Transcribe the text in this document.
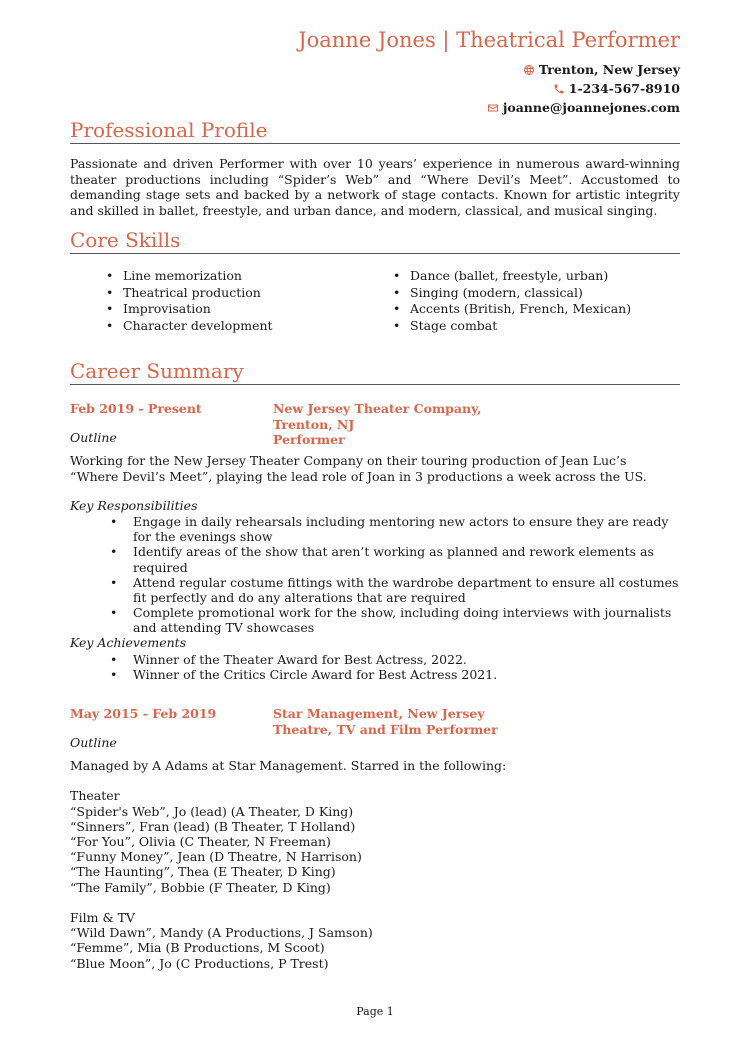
Joanne Jones | Theatrical Performer
Trenton, New Jersey
1-234-567-8910
joanne@joannejones.com
Professional Profile

Passionate and driven Performer with over 10 years’ experience in numerous award-winning theater productions including “Spider’s Web” and “Where Devil’s Meet”. Accustomed to demanding stage sets and backed by a network of stage contacts. Known for artistic integrity and skilled in ballet, freestyle, and urban dance, and modern, classical, and musical singing.

Core Skills
• Line memorization
• Theatrical production
• Improvisation
• Character development
• Dance (ballet, freestyle, urban)
• Singing (modern, classical)
• Accents (British, French, Mexican)
• Stage combat
Career Summary
Feb 2019 - Present	New Jersey Theater Company, Trenton, NJ
Performer
Outline

Working for the New Jersey Theater Company on their touring production of Jean Luc’s “Where Devil’s Meet”, playing the lead role of Joan in 3 productions a week across the US.

Key Responsibilities
• Engage in daily rehearsals including mentoring new actors to ensure they are ready for the evenings show
• Identify areas of the show that aren’t working as planned and rework elements as required
• Attend regular costume fittings with the wardrobe department to ensure all costumes fit perfectly and do any alterations that are required
• Complete promotional work for the show, including doing interviews with journalists and attending TV showcases
Key Achievements
• Winner of the Theater Award for Best Actress, 2022.
• Winner of the Critics Circle Award for Best Actress 2021.
May 2015 - Feb 2019	Star Management, New Jersey
Theatre, TV and Film Performer
Outline
Managed by A Adams at Star Management. Starred in the following:
Theater
“Spider's Web”, Jo (lead) (A Theater, D King)
“Sinners”, Fran (lead) (B Theater, T Holland)
“For You”, Olivia (C Theater, N Freeman)
“Funny Money”, Jean (D Theatre, N Harrison)
“The Haunting”, Thea (E Theater, D King)
“The Family”, Bobbie (F Theater, D King)
Film & TV
“Wild Dawn”, Mandy (A Productions, J Samson)
“Femme”, Mia (B Productions, M Scoot)
“Blue Moon”, Jo (C Productions, P Trest)
Page 1
